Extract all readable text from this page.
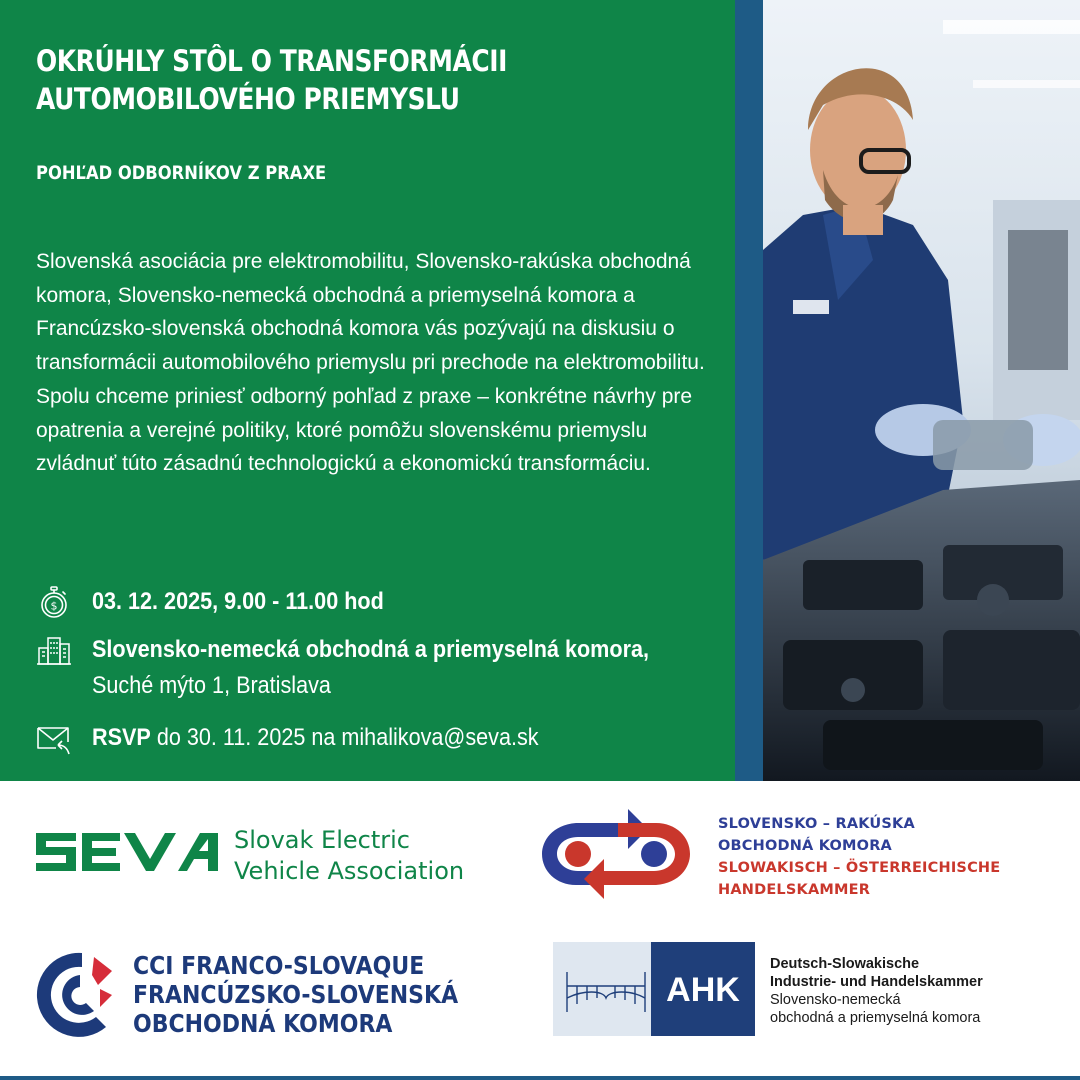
OKRÚHLY STÔL O TRANSFORMÁCII
AUTOMOBILOVÉHO PRIEMYSLU
POHĽAD ODBORNÍKOV Z PRAXE

Slovenská asociácia pre elektromobilitu, Slovensko-rakúska obchodná komora, Slovensko-nemecká obchodná a priemyselná komora a Francúzsko-slovenská obchodná komora vás pozývajú na diskusiu o transformácii automobilového priemyslu pri prechode na elektromobilitu. Spolu chceme priniesť odborný pohľad z praxe – konkrétne návrhy pre opatrenia a verejné politiky, ktoré pomôžu slovenskému priemyslu zvládnuť túto zásadnú technologickú a ekonomickú transformáciu.

$ 03. 12. 2025, 9.00 - 11.00 hod
Slovensko-nemecká obchodná a priemyselná komora,
Suché mýto 1, Bratislava
RSVP do 30. 11. 2025 na mihalikova@seva.sk
Slovak Electric
Vehicle Association
SLOVENSKO – RAKÚSKA
OBCHODNÁ KOMORA
SLOWAKISCH – ÖSTERREICHISCHE
HANDELSKAMMER
CCI FRANCO-SLOVAQUE
FRANCÚZSKO-SLOVENSKÁ
OBCHODNÁ KOMORA
AHK
Deutsch-Slowakische
Industrie- und Handelskammer
Slovensko-nemecká
obchodná a priemyselná komora
